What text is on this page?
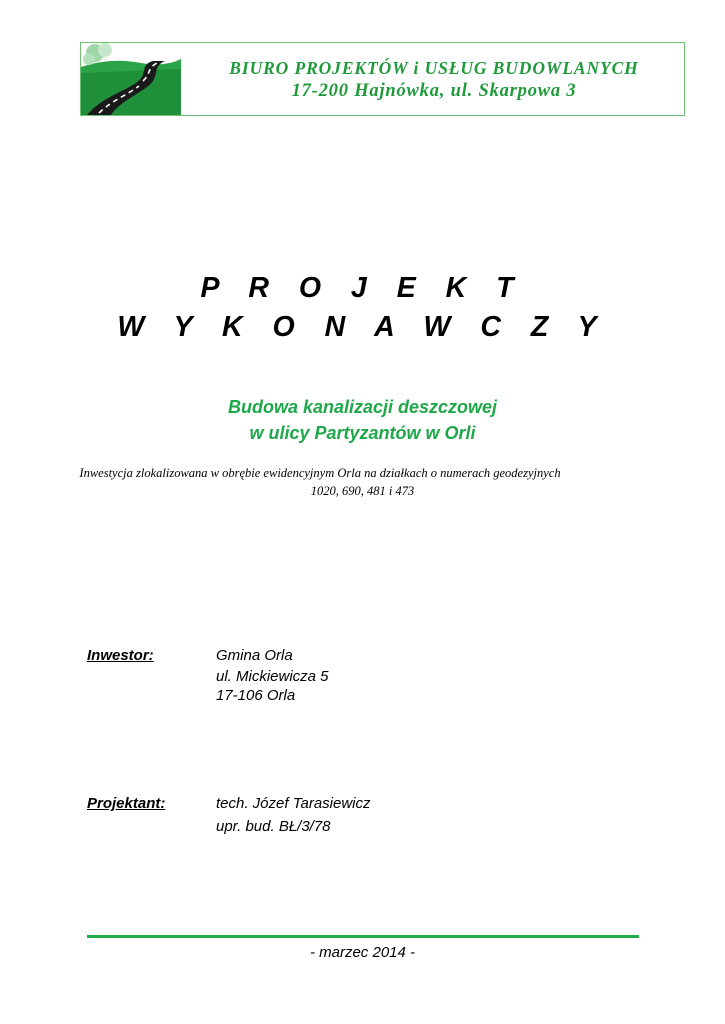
BIURO PROJEKTÓW i USŁUG BUDOWLANYCH
17-200 Hajnówka, ul. Skarpowa 3
P R O J E K T
W Y K O N A W C Z Y
Budowa kanalizacji deszczowej
w ulicy Partyzantów w Orli
Inwestycja zlokalizowana w obrębie ewidencyjnym Orla na działkach o numerach geodezyjnych
1020, 690, 481 i 473
Inwestor:	Gmina Orla
ul. Mickiewicza 5
17-106 Orla
Projektant:	tech. Józef Tarasiewicz
upr. bud. BŁ/3/78
- marzec 2014 -
